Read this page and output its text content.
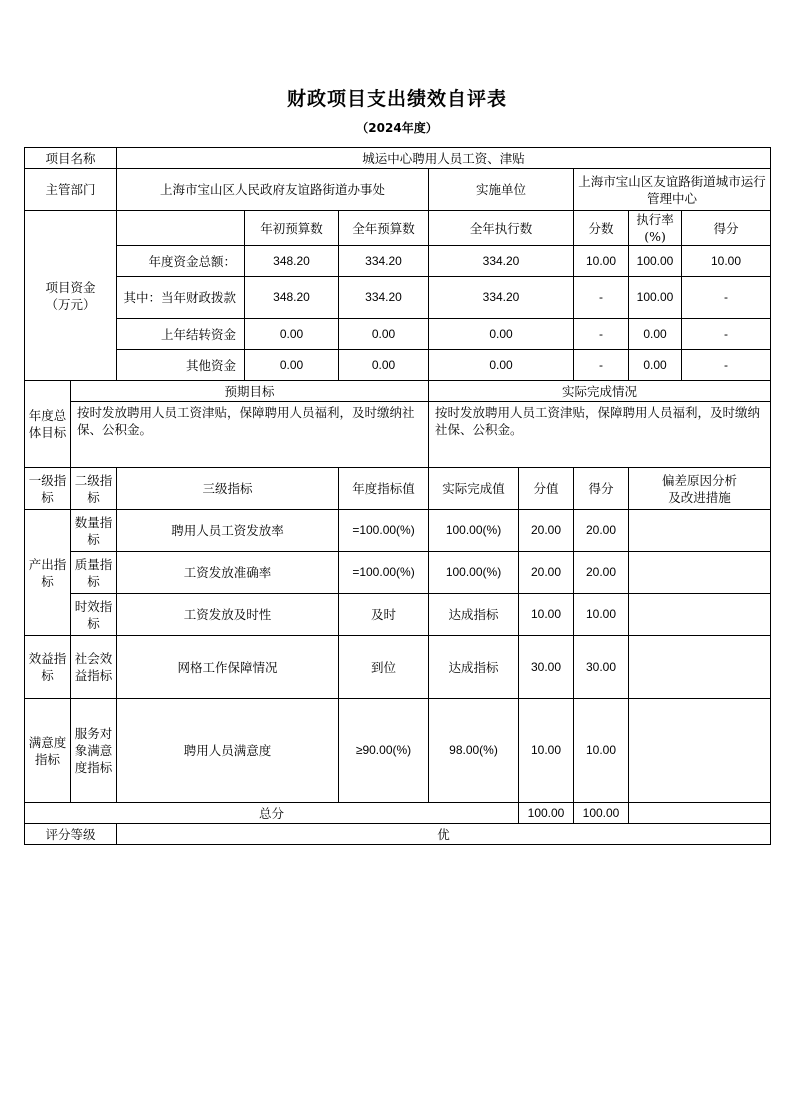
财政项目支出绩效自评表
（2024年度）
项目名称		城运中心聘用人员工资、津贴							
主管部门		上海市宝山区人民政府友谊路街道办事处			实施单位		上海市宝山区友谊路街道城市运行管理中心		
项目资金
（万元）			年初预算数	全年预算数	全年执行数		分数	执行率(%)	得分
		年度资金总额：	348.20	334.20	334.20		10.00	100.00	10.00
		其中：当年财政拨款	348.20	334.20	334.20		-	100.00	-
		上年结转资金	0.00	0.00	0.00		-	0.00	-
		其他资金	0.00	0.00	0.00		-	0.00	-
年度总体目标	预期目标				实际完成情况				
	按时发放聘用人员工资津贴，保障聘用人员福利，及时缴纳社保、公积金。				按时发放聘用人员工资津贴，保障聘用人员福利，及时缴纳社保、公积金。				
一级指标	二级指标	三级指标		年度指标值	实际完成值	分值	得分	偏差原因分析
及改进措施	
产出指标	数量指标	聘用人员工资发放率		=100.00(%)	100.00(%)	20.00	20.00		
	质量指标	工资发放准确率		=100.00(%)	100.00(%)	20.00	20.00		
	时效指标	工资发放及时性		及时	达成指标	10.00	10.00		
效益指标	社会效益指标	网格工作保障情况		到位	达成指标	30.00	30.00		
满意度指标	服务对象满意度指标	聘用人员满意度		≥90.00(%)	98.00(%)	10.00	10.00		
总分						100.00	100.00		
评分等级		优							
